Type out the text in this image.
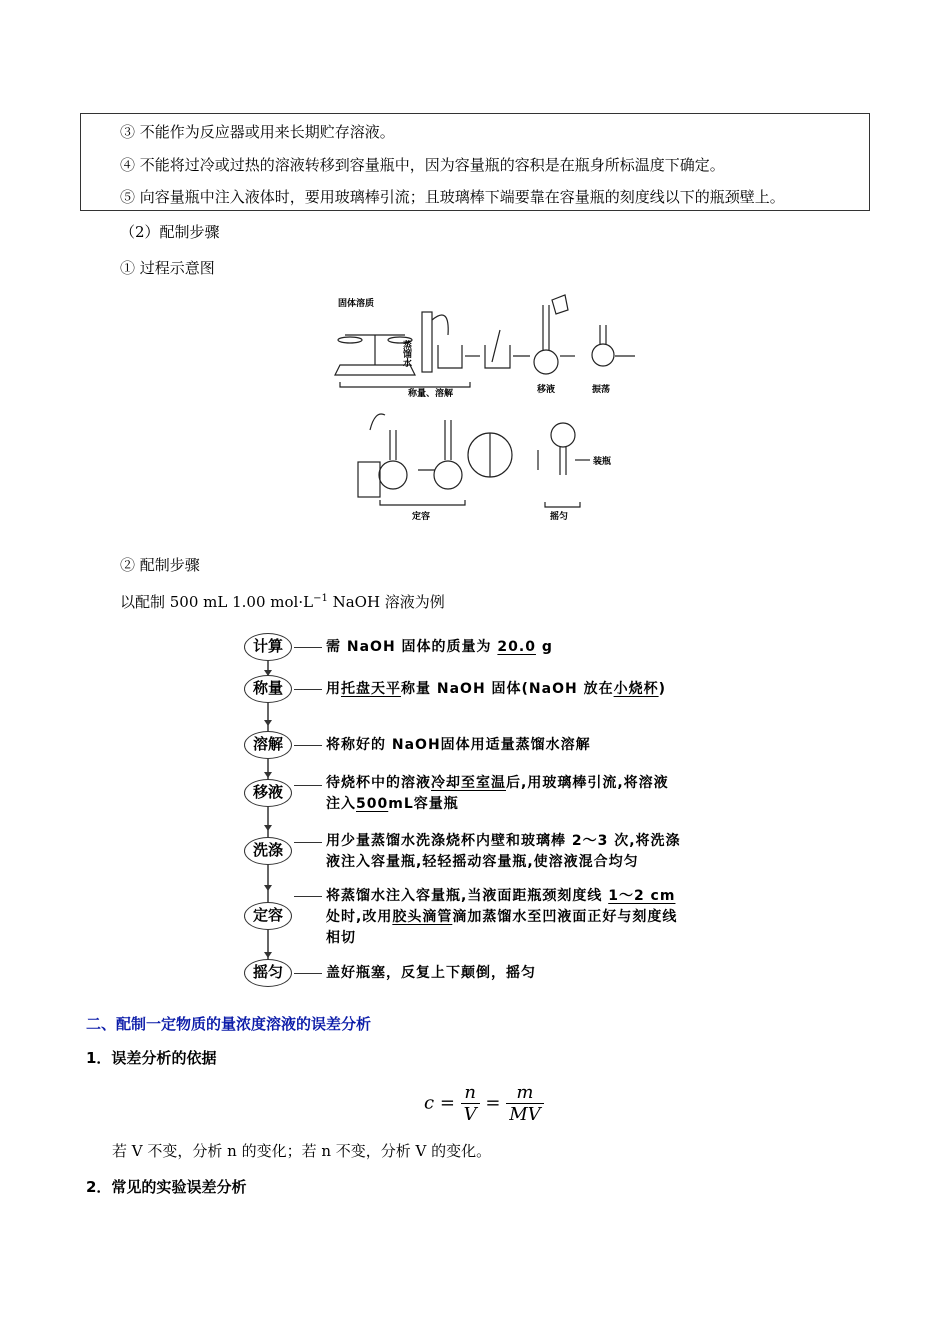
③ 不能作为反应器或用来长期贮存溶液。
④ 不能将过冷或过热的溶液转移到容量瓶中，因为容量瓶的容积是在瓶身所标温度下确定。
⑤ 向容量瓶中注入液体时，要用玻璃棒引流；且玻璃棒下端要靠在容量瓶的刻度线以下的瓶颈壁上。
（2）配制步骤
① 过程示意图
固体溶质
蒸馏水
称量、溶解	移液	振荡
装瓶
定容	摇匀
② 配制步骤
以配制 500 mL 1.00 $mol\cdot L^{-1}$ NaOH 溶液为例
计算	需 NaOH 固体的质量为 20.0 g
称量	用托盘天平称量 NaOH 固体(NaOH 放在小烧杯)
溶解	将称好的 NaOH固体用适量蒸馏水溶解
移液	待烧杯中的溶液冷却至室温后,用玻璃棒引流,将溶液
注入500mL容量瓶
洗涤	用少量蒸馏水洗涤烧杯内壁和玻璃棒 2～3 次,将洗涤
液注入容量瓶,轻轻摇动容量瓶,使溶液混合均匀
定容
将蒸馏水注入容量瓶,当液面距瓶颈刻度线 1～2 cm
处时,改用胶头滴管滴加蒸馏水至凹液面正好与刻度线
相切
摇匀	盖好瓶塞，反复上下颠倒，摇匀
二、配制一定物质的量浓度溶液的误差分析
1．误差分析的依据
$c = \frac{n}{V} = \frac{m}{MV}$
若 V 不变，分析 n 的变化；若 n 不变，分析 V 的变化。
2．常见的实验误差分析
